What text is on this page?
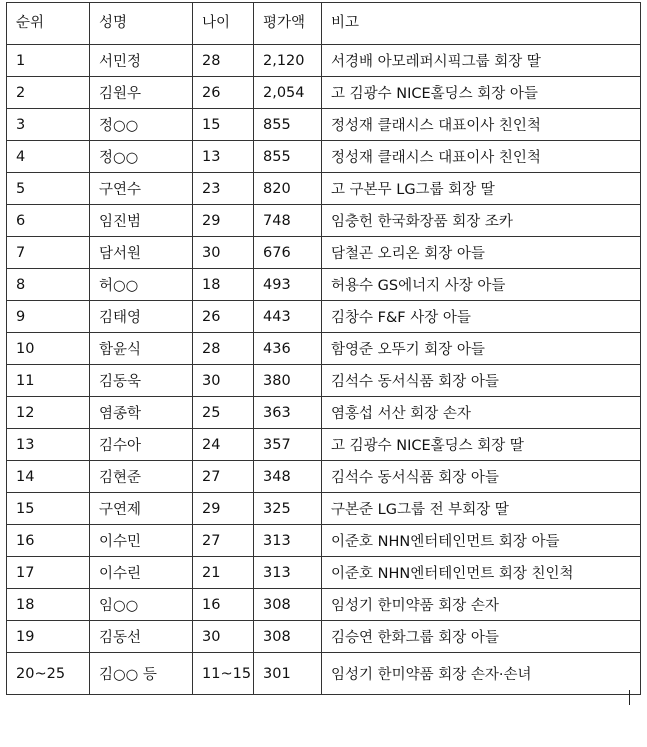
순위	성명	나이	평가액	비고
1	서민정	28	2,120	서경배 아모레퍼시픽그룹 회장 딸
2	김원우	26	2,054	고 김광수 NICE홀딩스 회장 아들
3	정○○	15	855	정성재 클래시스 대표이사 친인척
4	정○○	13	855	정성재 클래시스 대표이사 친인척
5	구연수	23	820	고 구본무 LG그룹 회장 딸
6	임진범	29	748	임충헌 한국화장품 회장 조카
7	담서원	30	676	담철곤 오리온 회장 아들
8	허○○	18	493	허용수 GS에너지 사장 아들
9	김태영	26	443	김창수 F&F 사장 아들
10	함윤식	28	436	함영준 오뚜기 회장 아들
11	김동욱	30	380	김석수 동서식품 회장 아들
12	염종학	25	363	염홍섭 서산 회장 손자
13	김수아	24	357	고 김광수 NICE홀딩스 회장 딸
14	김현준	27	348	김석수 동서식품 회장 아들
15	구연제	29	325	구본준 LG그룹 전 부회장 딸
16	이수민	27	313	이준호 NHN엔터테인먼트 회장 아들
17	이수린	21	313	이준호 NHN엔터테인먼트 회장 친인척
18	임○○	16	308	임성기 한미약품 회장 손자
19	김동선	30	308	김승연 한화그룹 회장 아들
20~25	김○○ 등	11~15	301	임성기 한미약품 회장 손자·손녀
